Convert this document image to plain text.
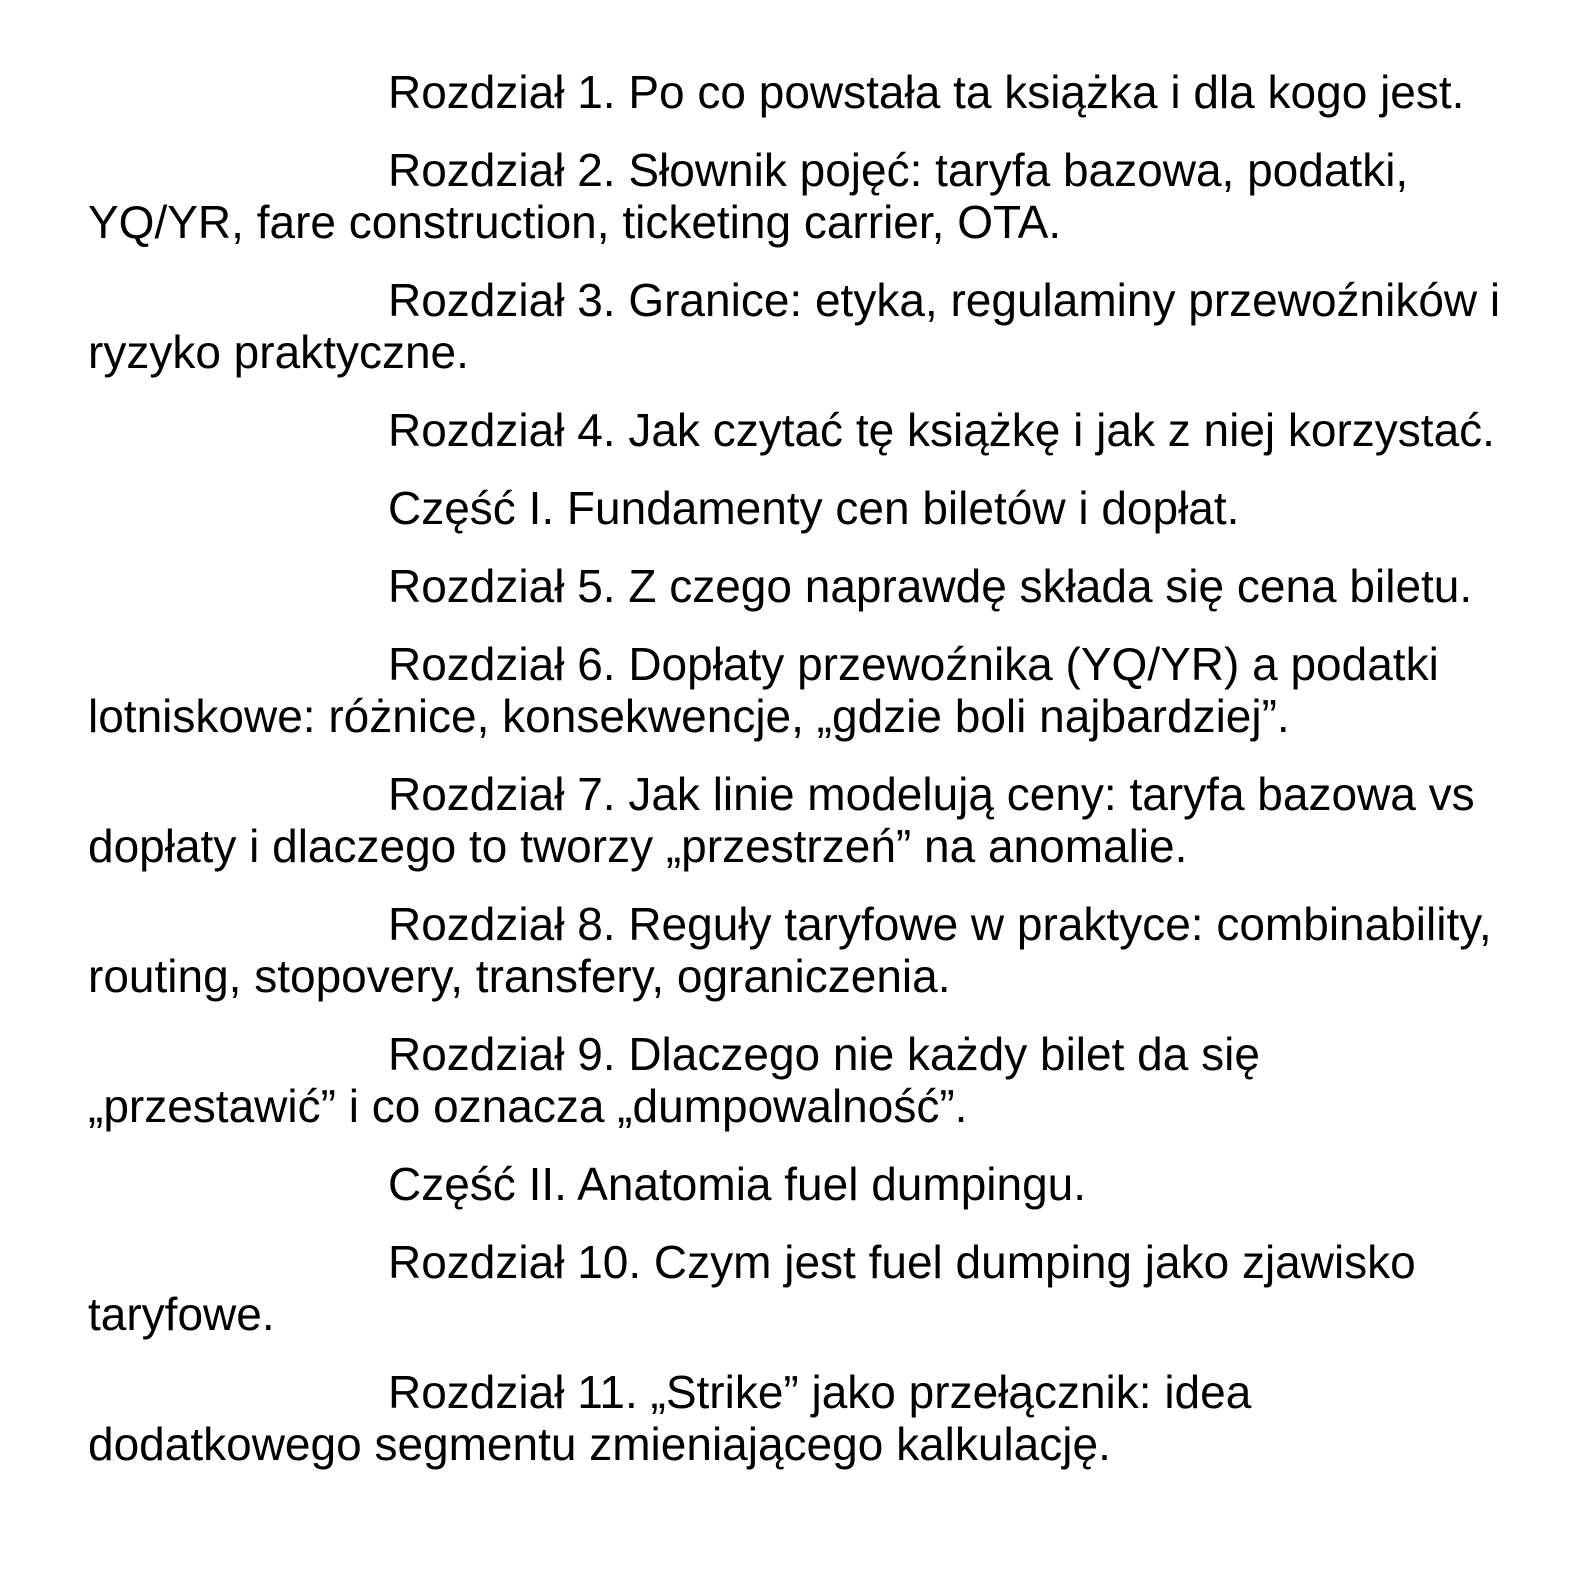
Rozdział 1. Po co powstała ta książka i dla kogo jest.
Rozdział 2. Słownik pojęć: taryfa bazowa, podatki,
YQ/YR, fare construction, ticketing carrier, OTA.
Rozdział 3. Granice: etyka, regulaminy przewoźników i
ryzyko praktyczne.
Rozdział 4. Jak czytać tę książkę i jak z niej korzystać.
Część I. Fundamenty cen biletów i dopłat.
Rozdział 5. Z czego naprawdę składa się cena biletu.
Rozdział 6. Dopłaty przewoźnika (YQ/YR) a podatki
lotniskowe: różnice, konsekwencje, „gdzie boli najbardziej”.
Rozdział 7. Jak linie modelują ceny: taryfa bazowa vs
dopłaty i dlaczego to tworzy „przestrzeń” na anomalie.
Rozdział 8. Reguły taryfowe w praktyce: combinability,
routing, stopovery, transfery, ograniczenia.
Rozdział 9. Dlaczego nie każdy bilet da się
„przestawić” i co oznacza „dumpowalność”.
Część II. Anatomia fuel dumpingu.
Rozdział 10. Czym jest fuel dumping jako zjawisko
taryfowe.
Rozdział 11. „Strike” jako przełącznik: idea
dodatkowego segmentu zmieniającego kalkulację.
